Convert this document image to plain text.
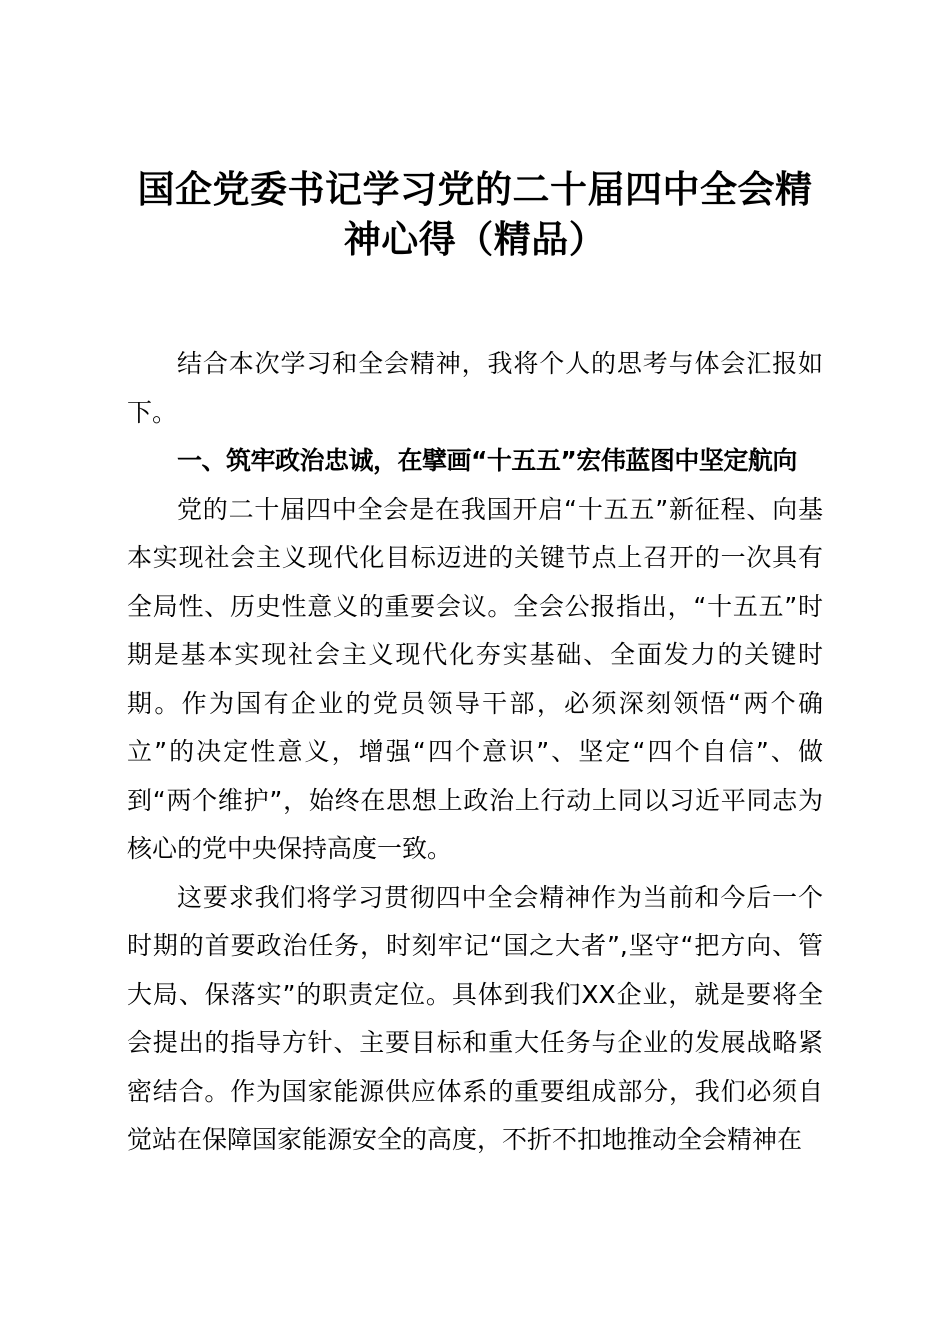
国企党委书记学习党的二十届四中全会精
神心得（精品）

结合本次学习和全会精神，我将个人的思考与体会汇报如下。

一、筑牢政治忠诚，在擘画“十五五”宏伟蓝图中坚定航向

党的二十届四中全会是在我国开启“十五五”新征程、向基本实现社会主义现代化目标迈进的关键节点上召开的一次具有全局性、历史性意义的重要会议。全会公报指出，“十五五”时期是基本实现社会主义现代化夯实基础、全面发力的关键时期。作为国有企业的党员领导干部，必须深刻领悟“两个确立”的决定性意义，增强“四个意识”、坚定“四个自信”、做到“两个维护”，始终在思想上政治上行动上同以习近平同志为核心的党中央保持高度一致。

这要求我们将学习贯彻四中全会精神作为当前和今后一个时期的首要政治任务，时刻牢记“国之大者”,坚守“把方向、管大局、保落实”的职责定位。具体到我们XX企业，就是要将全会提出的指导方针、主要目标和重大任务与企业的发展战略紧密结合。作为国家能源供应体系的重要组成部分，我们必须自觉站在保障国家能源安全的高度，不折不扣地推动全会精神在
